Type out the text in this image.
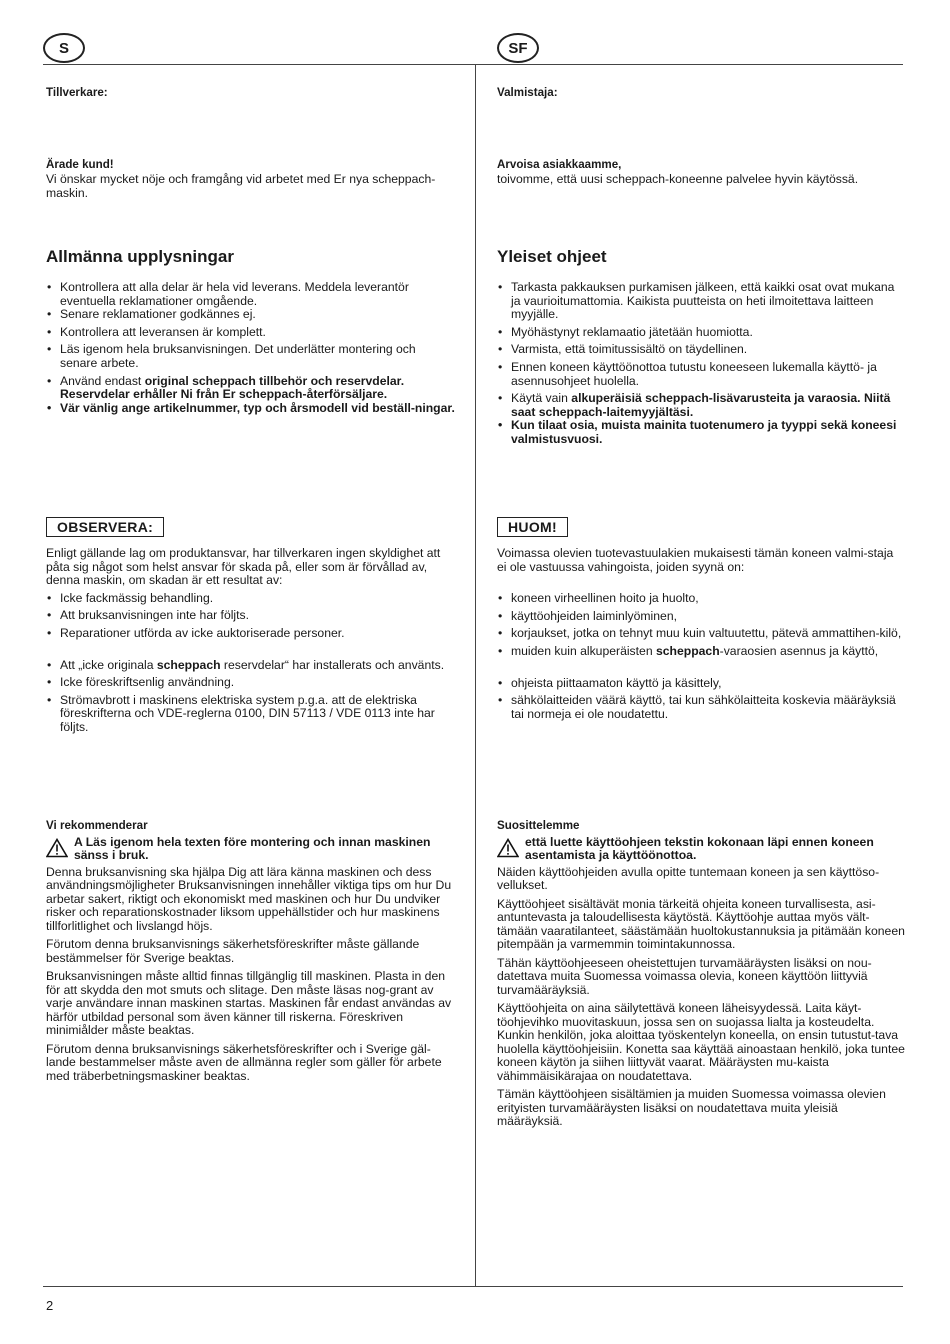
S	SF
Tillverkare:
Ärade kund!
Vi önskar mycket nöje och framgång vid arbetet med Er nya scheppach-maskin.
Allmänna upplysningar
• Kontrollera att alla delar är hela vid leverans. Meddela leverantör eventuella reklamationer omgående.
• Senare reklamationer godkännes ej.
• Kontrollera att leveransen är komplett.
• Läs igenom hela bruksanvisningen. Det underlätter montering och senare arbete.
• Använd endast original scheppach tillbehör och reservdelar. Reservdelar erhåller Ni från Er scheppach-återförsäljare.
• Vär vänlig ange artikelnummer, typ och årsmodell vid beställ-ningar.
OBSERVERA:
Enligt gällande lag om produktansvar, har tillverkaren ingen skyldighet att påta sig något som helst ansvar för skada på, eller som är förvållad av, denna maskin, om skadan är ett resultat av:
• Icke fackmässig behandling.
• Att bruksanvisningen inte har följts.
• Reparationer utförda av icke auktoriserade personer.
• Att „icke originala scheppach reservdelar“ har installerats och använts.
• Icke föreskriftsenlig användning.
• Strömavbrott i maskinens elektriska system p.g.a. att de elektriska föreskrifterna och VDE-reglerna 0100, DIN 57113 / VDE 0113 inte har följts.
Vi rekommenderar
A Läs igenom hela texten före montering och innan maskinen sänss i bruk.

Denna bruksanvisning ska hjälpa Dig att lära känna maskinen och dess användningsmöjligheter Bruksanvisningen innehåller viktiga tips om hur Du arbetar sakert, riktigt och ekonomiskt med maskinen och hur Du undviker risker och reparationskostnader liksom uppehällstider och hur maskinens tillforlitlighet och livslangd höjs.

Förutom denna bruksanvisnings säkerhetsföreskrifter måste gällande bestämmelser för Sverige beaktas.

Bruksanvisningen måste alltid finnas tillgänglig till maskinen. Plasta in den för att skydda den mot smuts och slitage. Den måste läsas nog-grant av varje användare innan maskinen startas. Maskinen får endast användas av härför utbildad personal som även känner till riskerna. Föreskriven minimiålder måste beaktas.

Förutom denna bruksanvisnings säkerhetsföreskrifter och i Sverige gäl-lande bestammelser måste aven de allmänna regler som gäller för arbete med träberbetningsmaskiner beaktas.

Valmistaja:
Arvoisa asiakkaamme,
toivomme, että uusi scheppach-koneenne palvelee hyvin käytössä.
Yleiset ohjeet
• Tarkasta pakkauksen purkamisen jälkeen, että kaikki osat ovat mukana ja vaurioitumattomia. Kaikista puutteista on heti ilmoitettava laitteen myyjälle.
• Myöhästynyt reklamaatio jätetään huomiotta.
• Varmista, että toimitussisältö on täydellinen.
• Ennen koneen käyttöönottoa tutustu koneeseen lukemalla käyttö- ja asennusohjeet huolella.
• Käytä vain alkuperäisiä scheppach-lisävarusteita ja varaosia. Niitä saat scheppach-laitemyyjältäsi.
• Kun tilaat osia, muista mainita tuotenumero ja tyyppi sekä koneesi valmistusvuosi.
HUOM!
Voimassa olevien tuotevastuulakien mukaisesti tämän koneen valmi-staja ei ole vastuussa vahingoista, joiden syynä on:
• koneen virheellinen hoito ja huolto,
• käyttöohjeiden laiminlyöminen,
• korjaukset, jotka on tehnyt muu kuin valtuutettu, pätevä ammattihen-kilö,
• muiden kuin alkuperäisten scheppach-varaosien asennus ja käyttö,
• ohjeista piittaamaton käyttö ja käsittely,
• sähkölaitteiden väärä käyttö, tai kun sähkölaitteita koskevia määräyksiä tai normeja ei ole noudatettu.
Suosittelemme
että luette käyttöohjeen tekstin kokonaan läpi ennen koneen asentamista ja käyttöönottoa.

Näiden käyttöohjeiden avulla opitte tuntemaan koneen ja sen käyttöso-vellukset.

Käyttöohjeet sisältävät monia tärkeitä ohjeita koneen turvallisesta, asi-antuntevasta ja taloudellisesta käytöstä. Käyttöohje auttaa myös vält-tämään vaaratilanteet, säästämään huoltokustannuksia ja pitämään koneen pitempään ja varmemmin toimintakunnossa.

Tähän käyttöohjeeseen oheistettujen turvamääräysten lisäksi on nou-datettava muita Suomessa voimassa olevia, koneen käyttöön liittyviä turvamääräyksiä.

Käyttöohjeita on aina säilytettävä koneen läheisyydessä. Laita käyt-töohjevihko muovitaskuun, jossa sen on suojassa lialta ja kosteudelta. Kunkin henkilön, joka aloittaa työskentelyn koneella, on ensin tutustut-tava huolella käyttöohjeisiin. Konetta saa käyttää ainoastaan henkilö, joka tuntee koneen käytön ja siihen liittyvät vaarat. Määräysten mu-kaista vähimmäisikärajaa on noudatettava.

Tämän käyttöohjeen sisältämien ja muiden Suomessa voimassa olevien erityisten turvamääräysten lisäksi on noudatettava muita yleisiä määräyksiä.

2
